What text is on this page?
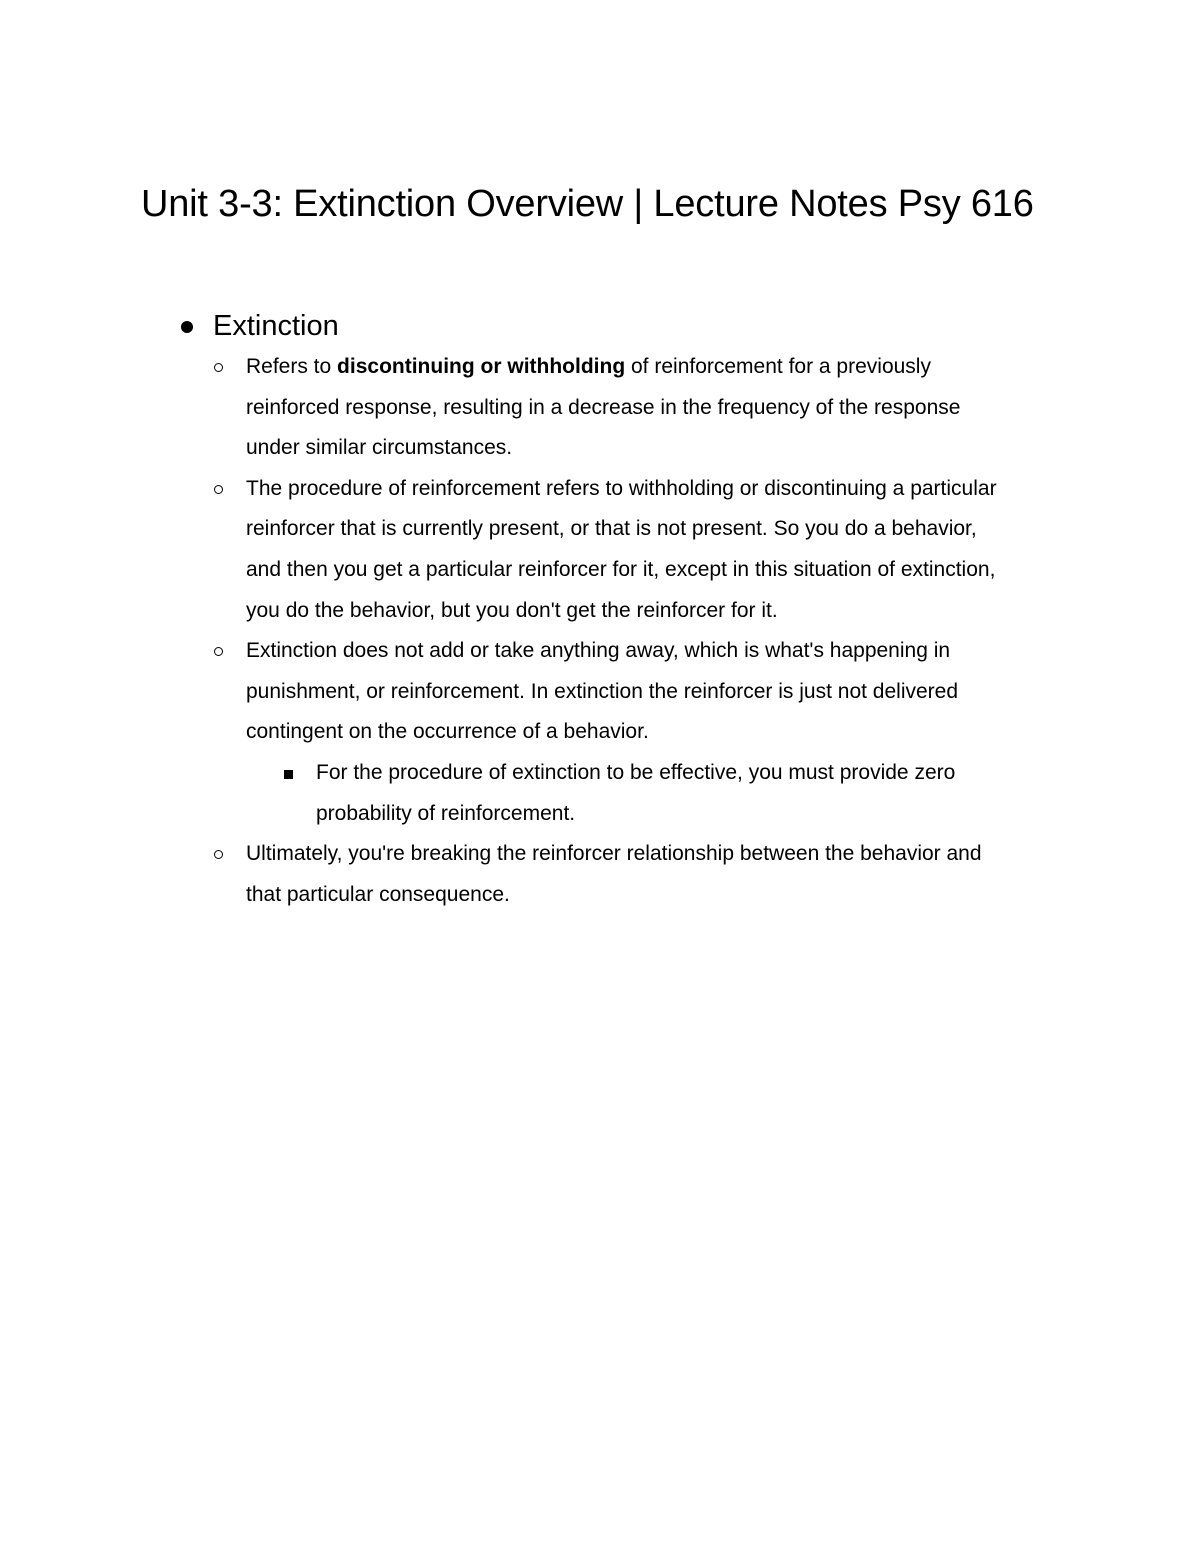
Unit 3-3: Extinction Overview | Lecture Notes Psy 616
Extinction
Refers to discontinuing or withholding of reinforcement for a previously reinforced response, resulting in a decrease in the frequency of the response under similar circumstances.
The procedure of reinforcement refers to withholding or discontinuing a particular reinforcer that is currently present, or that is not present. So you do a behavior, and then you get a particular reinforcer for it, except in this situation of extinction, you do the behavior, but you don't get the reinforcer for it.
Extinction does not add or take anything away, which is what's happening in punishment, or reinforcement. In extinction the reinforcer is just not delivered contingent on the occurrence of a behavior.
For the procedure of extinction to be effective, you must provide zero probability of reinforcement.
Ultimately, you're breaking the reinforcer relationship between the behavior and that particular consequence.
